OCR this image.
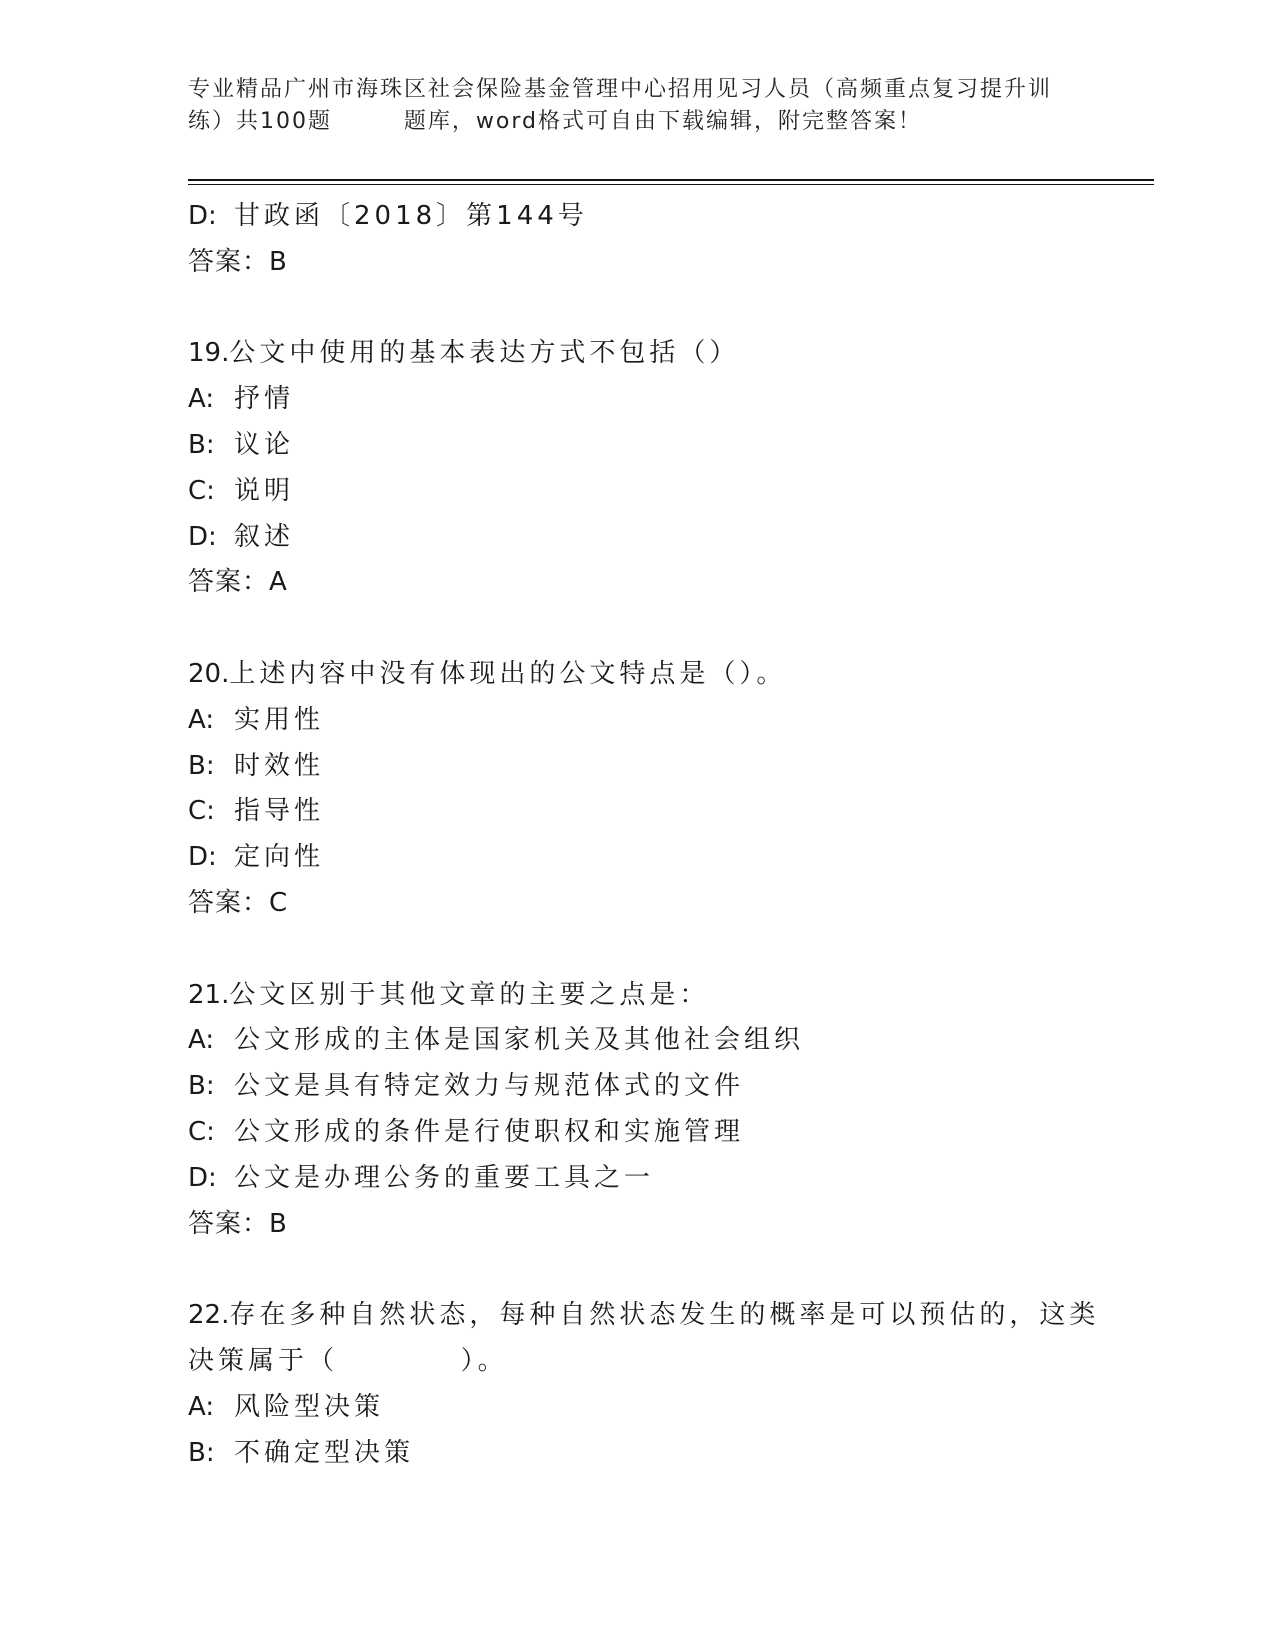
专业精品广州市海珠区社会保险基金管理中心招用见习人员（高频重点复习提升训
练）共100题        题库，word格式可自由下载编辑，附完整答案！
D: 甘政函〔2018〕第144号
答案：B
19.公文中使用的基本表达方式不包括（）
A: 抒情
B: 议论
C: 说明
D: 叙述
答案：A
20.上述内容中没有体现出的公文特点是（）。
A: 实用性
B: 时效性
C: 指导性
D: 定向性
答案：C
21.公文区别于其他文章的主要之点是：
A: 公文形成的主体是国家机关及其他社会组织
B: 公文是具有特定效力与规范体式的文件
C: 公文形成的条件是行使职权和实施管理
D: 公文是办理公务的重要工具之一
答案：B
22.存在多种自然状态，每种自然状态发生的概率是可以预估的，这类
决策属于（          ）。
A: 风险型决策
B: 不确定型决策
